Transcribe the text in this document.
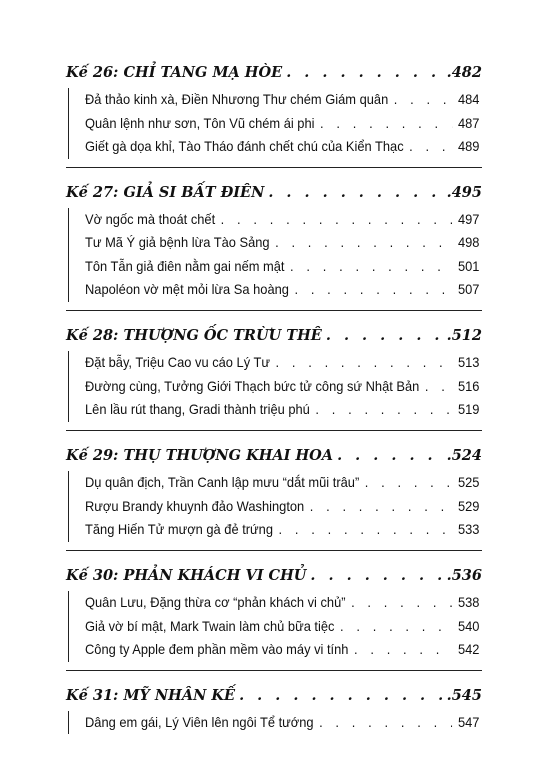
Kế 26: CHỈ TANG MẠ HÒE . . .	.482
Đả thảo kinh xà, Điền Nhương Thư chém Giám quân . . .	484
Quân lệnh như sơn, Tôn Vũ chém ái phi . . .	487
Giết gà dọa khỉ, Tào Tháo đánh chết chú của Kiển Thạc . . .	489
Kế 27: GIẢ SI BẤT ĐIÊN . . .	.495
Vờ ngốc mà thoát chết . . .	497
Tư Mã Ý giả bệnh lừa Tào Sảng . . .	498
Tôn Tẫn giả điên nằm gai nếm mật . . .	501
Napoléon vờ mệt mỏi lừa Sa hoàng . . .	507
Kế 28: THƯỢNG ỐC TRỪU THÊ . . .	.512
Đặt bẫy, Triệu Cao vu cáo Lý Tư . . .	513
Đường cùng, Tưởng Giới Thạch bức tử công sứ Nhật Bản . . .	516
Lên lầu rút thang, Gradi thành triệu phú . . .	519
Kế 29: THỤ THƯỢNG KHAI HOA . . .	.524
Dụ quân địch, Trần Canh lập mưu “dắt mũi trâu” . . .	525
Rượu Brandy khuynh đảo Washington . . .	529
Tăng Hiến Tử mượn gà đẻ trứng . . .	533
Kế 30: PHẢN KHÁCH VI CHỦ . . .	.536
Quân Lưu, Đặng thừa cơ “phản khách vi chủ” . . .	538
Giả vờ bí mật, Mark Twain làm chủ bữa tiệc . . .	540
Công ty Apple đem phần mềm vào máy vi tính . . .	542
Kế 31: MỸ NHÂN KẾ . . .	.545
Dâng em gái, Lý Viên lên ngôi Tể tướng . . .	547
